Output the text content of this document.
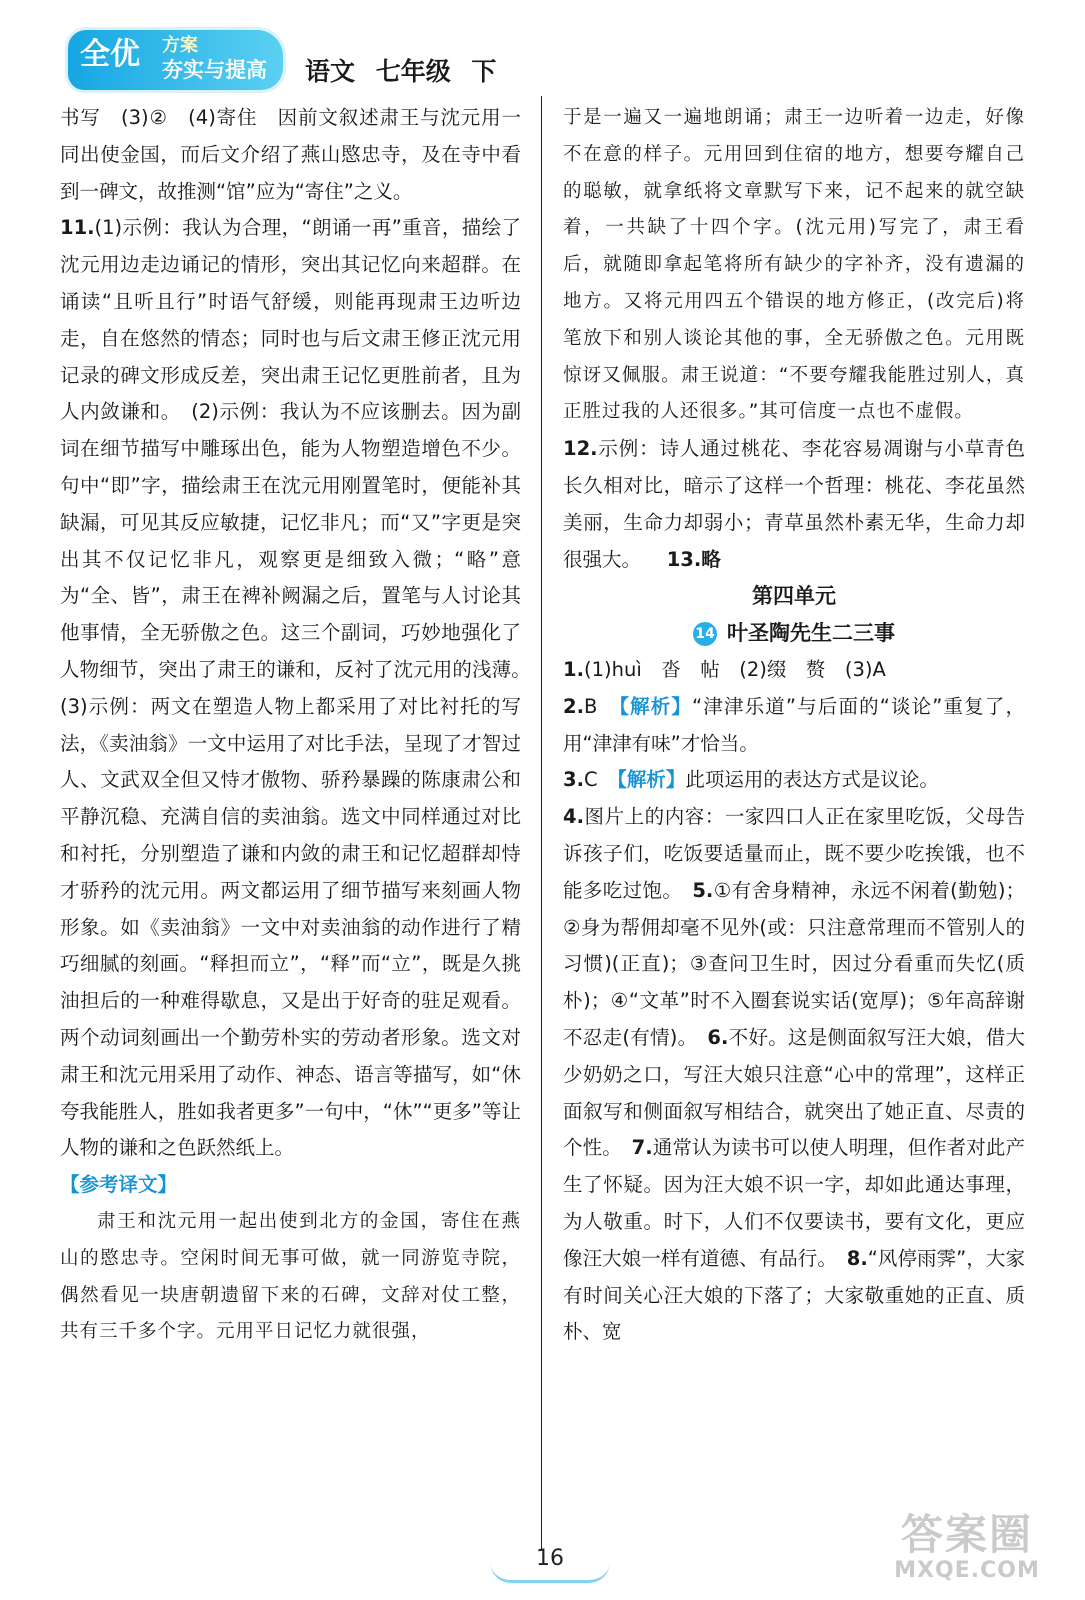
全优 方案
夯实与提高 语文 七年级 下

书写　(3)②　(4)寄住　因前文叙述肃王与沈元用一同出使金国，而后文介绍了燕山愍忠寺，及在寺中看到一碑文，故推测“馆”应为“寄住”之义。

11.(1)示例：我认为合理，“朗诵一再”重音，描绘了沈元用边走边诵记的情形，突出其记忆向来超群。在诵读“且听且行”时语气舒缓，则能再现肃王边听边走，自在悠然的情态；同时也与后文肃王修正沈元用记录的碑文形成反差，突出肃王记忆更胜前者，且为人内敛谦和。　(2)示例：我认为不应该删去。因为副词在细节描写中雕琢出色，能为人物塑造增色不少。句中“即”字，描绘肃王在沈元用刚置笔时，便能补其缺漏，可见其反应敏捷，记忆非凡；而“又”字更是突出其不仅记忆非凡，观察更是细致入微；“略”意为“全、皆”，肃王在裨补阙漏之后，置笔与人讨论其他事情，全无骄傲之色。这三个副词，巧妙地强化了人物细节，突出了肃王的谦和，反衬了沈元用的浅薄。　(3)示例：两文在塑造人物上都采用了对比衬托的写法，《卖油翁》一文中运用了对比手法，呈现了才智过人、文武双全但又恃才傲物、骄矜暴躁的陈康肃公和平静沉稳、充满自信的卖油翁。选文中同样通过对比和衬托，分别塑造了谦和内敛的肃王和记忆超群却恃才骄矜的沈元用。两文都运用了细节描写来刻画人物形象。如《卖油翁》一文中对卖油翁的动作进行了精巧细腻的刻画。“释担而立”，“释”而“立”，既是久挑油担后的一种难得歇息，又是出于好奇的驻足观看。两个动词刻画出一个勤劳朴实的劳动者形象。选文对肃王和沈元用采用了动作、神态、语言等描写，如“休夸我能胜人，胜如我者更多”一句中，“休”“更多”等让人物的谦和之色跃然纸上。

【参考译文】

肃王和沈元用一起出使到北方的金国，寄住在燕山的愍忠寺。空闲时间无事可做，就一同游览寺院，偶然看见一块唐朝遗留下来的石碑，文辞对仗工整，共有三千多个字。元用平日记忆力就很强，

于是一遍又一遍地朗诵；肃王一边听着一边走，好像不在意的样子。元用回到住宿的地方，想要夸耀自己的聪敏，就拿纸将文章默写下来，记不起来的就空缺着，一共缺了十四个字。(沈元用)写完了，肃王看后，就随即拿起笔将所有缺少的字补齐，没有遗漏的地方。又将元用四五个错误的地方修正，(改完后)将笔放下和别人谈论其他的事，全无骄傲之色。元用既惊讶又佩服。肃王说道：“不要夸耀我能胜过别人，真正胜过我的人还很多。”其可信度一点也不虚假。

12.示例：诗人通过桃花、李花容易凋谢与小草青色长久相对比，暗示了这样一个哲理：桃花、李花虽然美丽，生命力却弱小；青草虽然朴素无华，生命力却很强大。 　 13.略

第四单元

14 叶圣陶先生二三事

1.(1)huì　沓　帖　(2)缀　赘　(3)A

2.B　 【解析】“津津乐道”与后面的“谈论”重复了，用“津津有味”才恰当。

3.C　 【解析】此项运用的表达方式是议论。

4.图片上的内容：一家四口人正在家里吃饭，父母告诉孩子们，吃饭要适量而止，既不要少吃挨饿，也不能多吃过饱。　 5.①有舍身精神，永远不闲着(勤勉)；②身为帮佣却毫不见外(或：只注意常理而不管别人的习惯)(正直)；③查问卫生时，因过分看重而失忆(质朴)；④“文革”时不入圈套说实话(宽厚)；⑤年高辞谢不忍走(有情)。　 6.不好。这是侧面叙写汪大娘，借大少奶奶之口，写汪大娘只注意“心中的常理”，这样正面叙写和侧面叙写相结合，就突出了她正直、尽责的个性。　 7.通常认为读书可以使人明理，但作者对此产生了怀疑。因为汪大娘不识一字，却如此通达事理，为人敬重。时下，人们不仅要读书，要有文化，更应像汪大娘一样有道德、有品行。　 8.“风停雨霁”，大家有时间关心汪大娘的下落了；大家敬重她的正直、质朴、宽

16	答案圈
MXQE.COM
